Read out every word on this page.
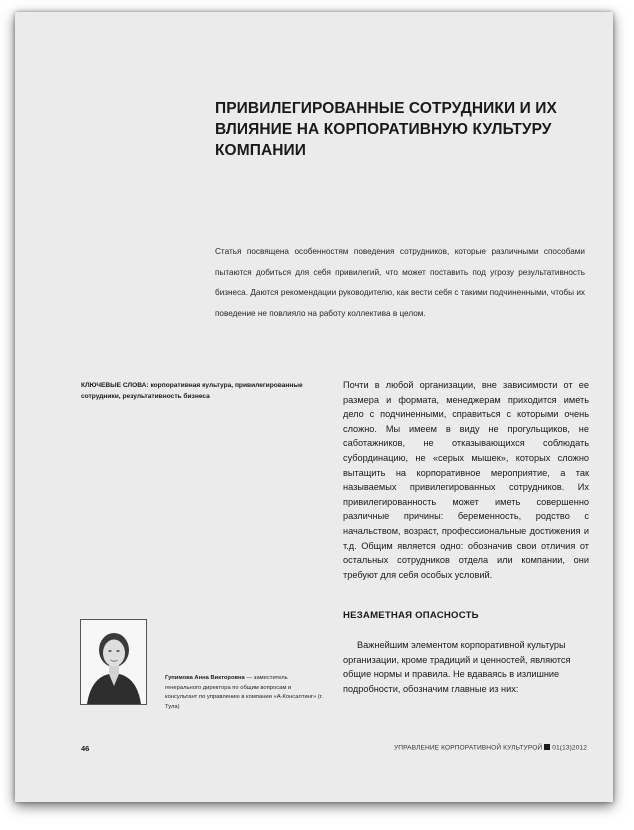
ПРИВИЛЕГИРОВАННЫЕ СОТРУДНИКИ И ИХ ВЛИЯНИЕ НА КОРПОРАТИВНУЮ КУЛЬТУРУ КОМПАНИИ

Статья посвящена особенностям поведения сотрудников, которые различными способами пытаются добиться для себя привилегий, что может поставить под угрозу результативность бизнеса. Даются рекомендации руководителю, как вести себя с такими подчиненными, чтобы их поведение не повлияло на работу коллектива в целом.

КЛЮЧЕВЫЕ СЛОВА: корпоративная культура, привилегированные сотрудники, результативность бизнеса

Почти в любой организации, вне зависимости от ее размера и формата, менеджерам приходится иметь дело с подчиненными, справиться с которыми очень сложно. Мы имеем в виду не прогульщиков, не саботажников, не отказывающихся соблюдать субординацию, не «серых мышек», которых сложно вытащить на корпоративное мероприятие, а так называемых привилегированных сотрудников. Их привилегированность может иметь совершенно различные причины: беременность, родство с начальством, возраст, профессиональные достижения и т.д. Общим является одно: обозначив свои отличия от остальных сотрудников отдела или компании, они требуют для себя особых условий.

НЕЗАМЕТНАЯ ОПАСНОСТЬ

Важнейшим элементом корпоративной культуры организации, кроме традиций и ценностей, являются общие нормы и правила. Не вдаваясь в излишние подробности, обозначим главные из них:

Гупимова Анна Викторовна — заместитель генерального директора по общим вопросам и консультант по управлению в компании «А-Консалтинг» (г. Тула)

46	УПРАВЛЕНИЕ КОРПОРАТИВНОЙ КУЛЬТУРОЙ 01(13)2012
